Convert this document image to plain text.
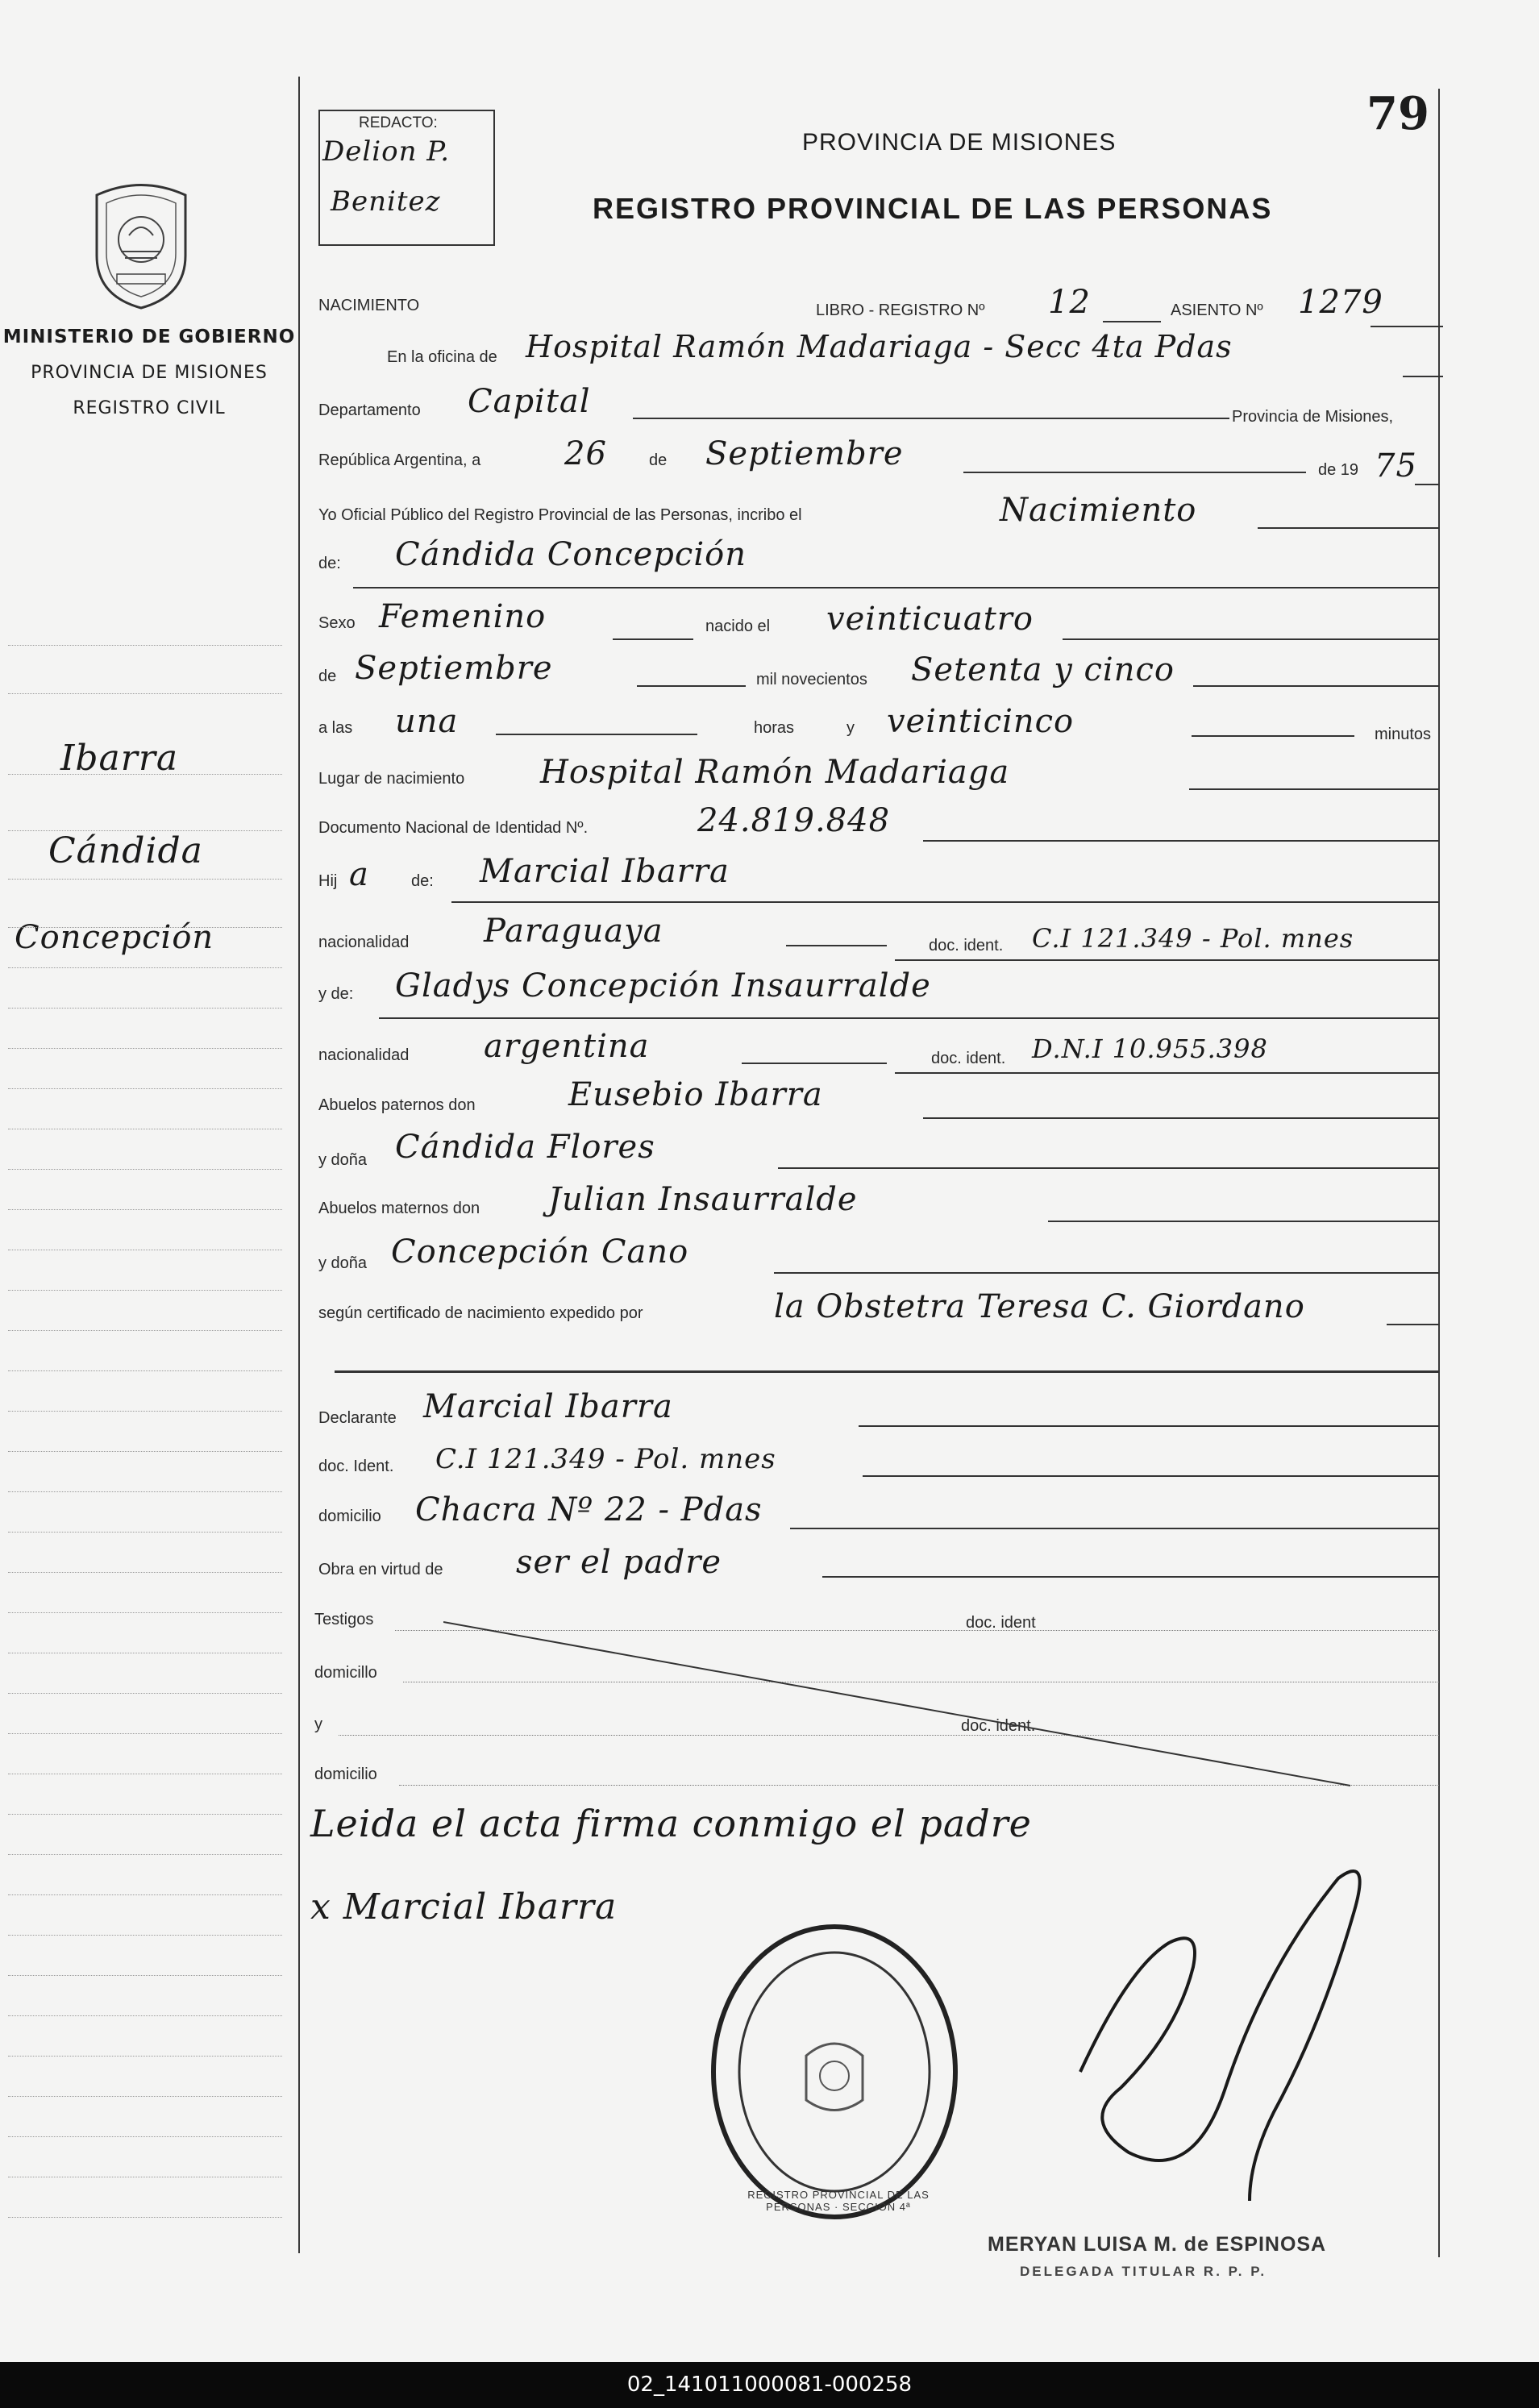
79
MINISTERIO DE GOBIERNO
PROVINCIA DE MISIONES
REGISTRO CIVIL
Ibarra
Cándida
Concepción
REDACTO:
Delion P.
Benitez
PROVINCIA DE MISIONES
REGISTRO PROVINCIAL DE LAS PERSONAS
NACIMIENTO	LIBRO - REGISTRO Nº 12	ASIENTO Nº 1279
En la oficina de Hospital Ramón Madariaga - Secc 4ta Pdas
Departamento Capital	Provincia de Misiones,
República Argentina, a	26	de Septiembre	de 19 75
Yo Oficial Público del Registro Provincial de las Personas, incribo el	Nacimiento
de: Cándida Concepción
Sexo Femenino	nacido el veinticuatro
de Septiembre	mil novecientos Setenta y cinco
a las una	horas	y veinticinco	minutos
Lugar de nacimiento Hospital Ramón Madariaga
Documento Nacional de Identidad Nº.	24.819.848
Hij a	de: Marcial Ibarra
nacionalidad Paraguaya	doc. ident. C.I 121.349 - Pol. mnes
y de: Gladys Concepción Insaurralde
nacionalidad argentina	doc. ident. D.N.I 10.955.398
Abuelos paternos don	Eusebio Ibarra
y doña Cándida Flores
Abuelos maternos don Julian Insaurralde
y doña Concepción Cano
según certificado de nacimiento expedido por	la Obstetra Teresa C. Giordano
Declarante Marcial Ibarra
doc. Ident. C.I 121.349 - Pol. mnes
domicilio Chacra Nº 22 - Pdas
Obra en virtud de ser el padre
Testigos	doc. ident
domicillo
y	doc. ident.
domicilio
Leida el acta firma conmigo el padre
x Marcial Ibarra
REGISTRO PROVINCIAL DE LAS PERSONAS · SECCION 4ª
MERYAN LUISA M. de ESPINOSA
DELEGADA TITULAR R. P. P.
02_141011000081-000258
